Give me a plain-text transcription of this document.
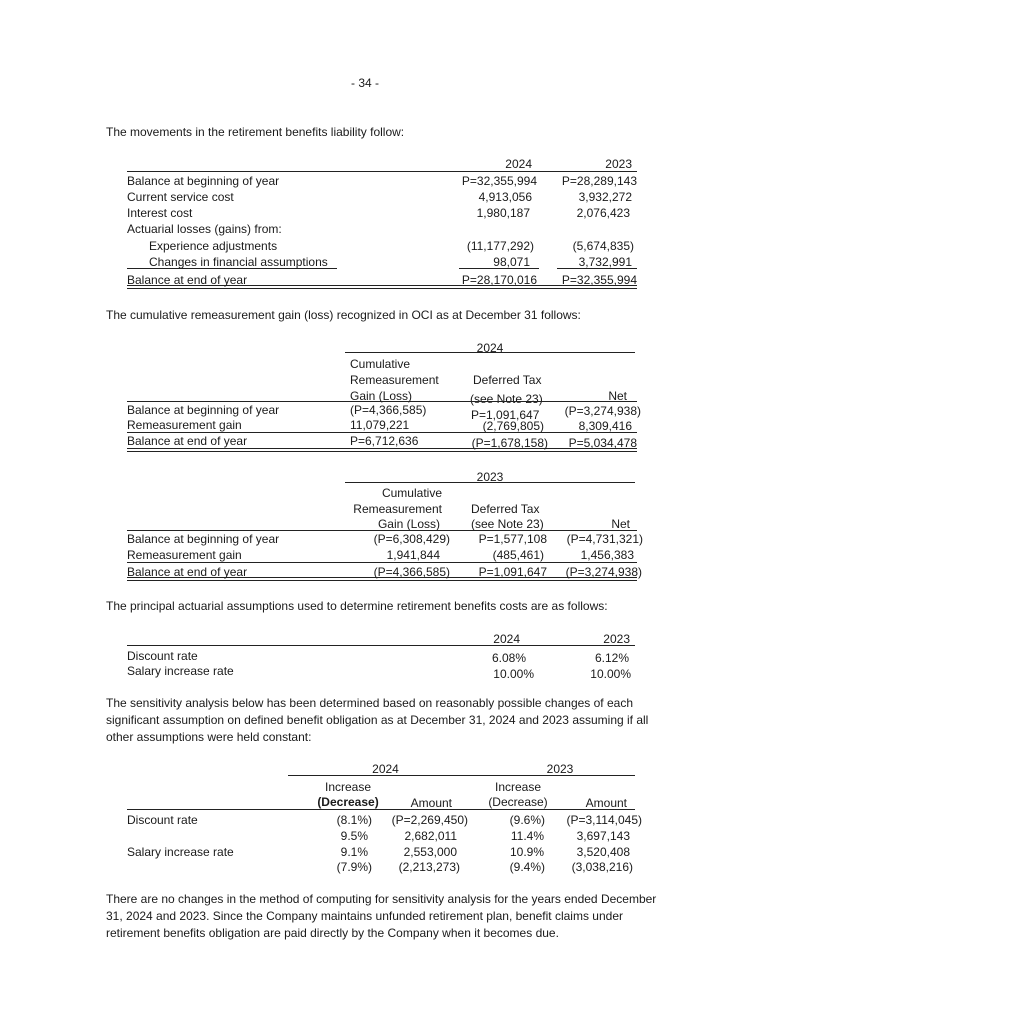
- 34 -
The movements in the retirement benefits liability follow:
2024	2023
Balance at beginning of year	P=32,355,994	P=28,289,143
Current service cost	4,913,056	3,932,272
Interest cost	1,980,187	2,076,423
Actuarial losses (gains) from:
Experience adjustments	(11,177,292)	(5,674,835)
Changes in financial assumptions	98,071	3,732,991
Balance at end of year	P=28,170,016	P=32,355,994
The cumulative remeasurement gain (loss) recognized in OCI as at December 31 follows:
2024
Cumulative
Remeasurement
Gain (Loss)
Deferred Tax
(see Note 23)	Net
Balance at beginning of year	(P=4,366,585)	P=1,091,647	(P=3,274,938)
Remeasurement gain	11,079,221	(2,769,805)	8,309,416
Balance at end of year	P=6,712,636	(P=1,678,158)	P=5,034,478
2023
Cumulative
Remeasurement
Gain (Loss)
Deferred Tax
(see Note 23)	Net
Balance at beginning of year	(P=6,308,429)	P=1,577,108	(P=4,731,321)
Remeasurement gain	1,941,844	(485,461)	1,456,383
Balance at end of year	(P=4,366,585)	P=1,091,647	(P=3,274,938)
The principal actuarial assumptions used to determine retirement benefits costs are as follows:
2024	2023
Discount rate	6.08%	6.12%
Salary increase rate	10.00%	10.00%
The sensitivity analysis below has been determined based on reasonably possible changes of each significant assumption on defined benefit obligation as at December 31, 2024 and 2023 assuming if all other assumptions were held constant:
2024	2023
Increase
(Decrease)	Amount
Increase
(Decrease)	Amount
Discount rate	(8.1%)	(P=2,269,450)	(9.6%)	(P=3,114,045)
9.5%	2,682,011	11.4%	3,697,143
Salary increase rate	9.1%	2,553,000	10.9%	3,520,408
(7.9%)	(2,213,273)	(9.4%)	(3,038,216)
There are no changes in the method of computing for sensitivity analysis for the years ended December 31, 2024 and 2023. Since the Company maintains unfunded retirement plan, benefit claims under retirement benefits obligation are paid directly by the Company when it becomes due.
